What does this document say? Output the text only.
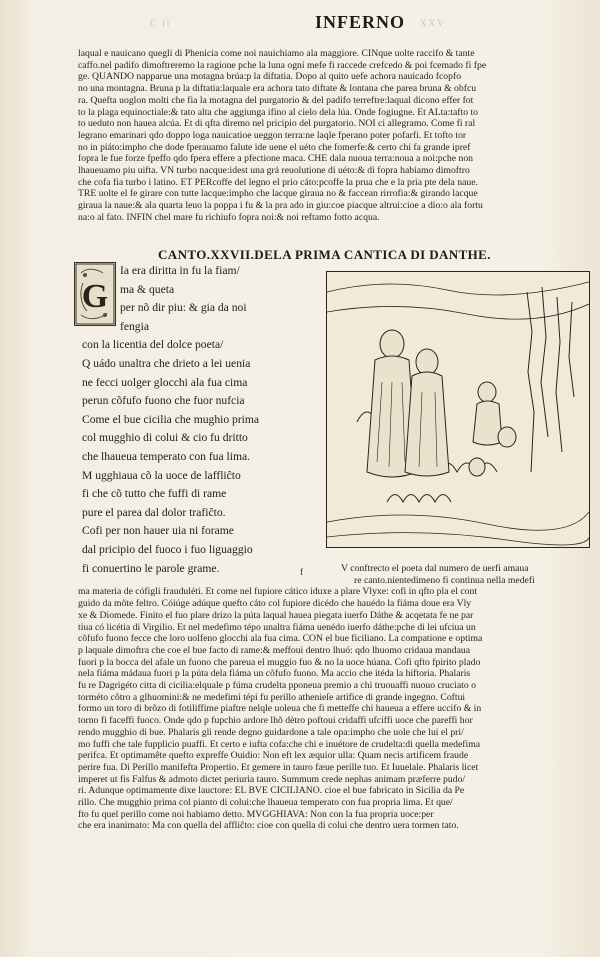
C ii	INFERNO XXV

laqual e nauicano quegli di Phenicia come noi nauichiamo ala maggiore. CINque uolte raccifo & tante

caffo.nel padifo dimoftreremo la ragione pche la luna ogni mefe fi raccede crefcedo & poi fcemado fi fpe

ge. QUANDO napparue una motagna brúa:p la diftatia. Dopo al quito uefe achora nauicado fcopfo

no una montagna. Bruna p la diftatia:laquale era achora tato diftate & lontana che parea bruna & obfcu

ra. Quefta uoglon molti che fia la motagna del purgatorio & del padifo terreftre:laqual dicono effer fot

to la plaga equinoctiale:& tato alta che aggiunga ifino al cielo dela lúa. Onde fogiugne. Et ALta:tafto to

to ueduto non hauea alcúa. Et di qfta diremo nel pricipio del purgatorio. NOI ci allegramo. Come fi ral

legrano emarinari qdo doppo loga nauicatioe ueggon terra:ne laqle fperano poter pofarfi. Et tofto tor

no in piáto:impho che dode fperauamo falute ide uene el uéto che fomerfe:& certo chi fa grande ipref

fopra le fue forze fpeffo qdo fpera effere a pfectione maca. CHE dala nuoua terra:noua a noi:pche non

lhaueuamo piu uifta. VN turbo nacque:idest una grá reuolutione di uéto:& di fopra habiamo dimoftro

che cofa fia turbo i latino. ET PERcoffe del legno el prio cáto:pcoffe la prua che e la pria pte dela naue.

TRE uolte el fe girare con tutte lacque:impho che lacque giraua no & faccean rirrofia:& girando lacque

giraua la naue:& ala quarta leuo la poppa i fu & la pra ado in giu:coe piacque altrui:cioe a dio:o ala fortu

na:o al fato. INFIN chel mare fu richiufo fopra noi:& noi reftamo fotto acqua.

CANTO.XXVII.DELA PRIMA CANTICA DI DANTHE.
G

Ia era diritta in fu la fiam/

ma & queta

per nõ dir piu: & gia da noi

fengia

con la licentia del dolce poeta/

Q uádo unaltra che drieto a lei uenia

ne fecci uolger glocchi ala fua cima

perun cõfufo fuono che fuor nufcia

Come el bue cicilia che mughio prima

col mugghio di colui & cio fu dritto

che lhaueua temperato con fua lima.

M ugghiaua cõ la uoce de laffliĉto

fi che cõ tutto che fuffi di rame

pure el parea dal dolor trafiĉto.

Cofi per non hauer uia ni forame

dal pricipio del fuoco i fuo liguaggio

fi conuertino le parole grame.	f	V conftrecto el poeta dal numero de uerfi amaua

re canto.nientedimeno fi continua nella medefi

ma materia de cófigli frauduléti. Et come nel fupiore cático iduxe a plare Vlyxe: cofi in qfto pla el cont

guido da mõte feltro. Cóiúge adúque quefto cáto col fupiore dicédo che hauédo la fiáma doue era Vly

xe & Diomede. Finito el fuo plare drizo la púta laqual hauea piegata iuerfo Dáthe & acqetata fe ne par

tiua có licétia di Virgilio. Et nel medefimo tépo unaltra fiáma uenédo iuerfo dáthe:pche di lei ufciua un

cõfufo fuono fecce che loro uolfeno glocchi ala fua cima. CON el bue ficiliano. La compatione e optima

p laquale dimoftra che coe el bue facto di rame:& meffoui dentro lhuó: qdo lhuomo cridaua mandaua

fuori p la bocca del afale un fuono che pareua el muggio fuo & no la uoce húana. Cofi qfto fpirito plado

nela fiáma mádaua fuori p la púta dela fiáma un cõfufo fuono. Ma accio che itéda la hiftoria. Phalaris

fu re Dagrigéto citta di cicilia:elquale p fúma crudelta pponeua premio a chi truouaffi nuouo cruciato o

torméto côtro a glhuomini:& ne medefimi tépi fu perillo athenieſe artifice di grande ingegno. Coftui

formo un toro di brõzo di fotiliffime piaftre nelqle uoleua che fi metteffe chi haueua a effere uccifo & in

torno fi faceffi fuoco. Onde qdo p fupchio ardore lhõ dètro poftoui cridaffi ufciffi uoce che pareffi hor

rendo mugghio di bue. Phalaris gli rende degno guidardone a tale opa:impho che uole che lui el pri/

mo fuffi che tale fupplicio puaffi. Et certo e iufta cofa:che chi e inuétore de crudelta:di quella medefima

perifca. Et optimamête quefto expreffe Ouidio: Non eft lex æquior ulla: Quam necis artificem fraude

perire fua. Di Perillo manifefta Propertio. Et gemere in tauro fæue perille tuo. Et Iuuelale. Phalaris licet

imperet ut fis Falfus & admoto dictet periuria tauro. Summum crede nephas animam præferre pudo/

ri. Adunque optimamente dixe lauctore: EL BVE CICILIANO. cioe el bue fabricato in Sicilia da Pe

rillo. Che mugghio prima col pianto di colui:che lhaueua temperato con fua propria lima. Et que/

fto fu quel perillo come noi habiamo detto. MVGGHIAVA: Non con la fua propria uoce:per

che era inanimato: Ma con quella del affliĉto: cioe con quella di colui che dentro uera tormen tato.
